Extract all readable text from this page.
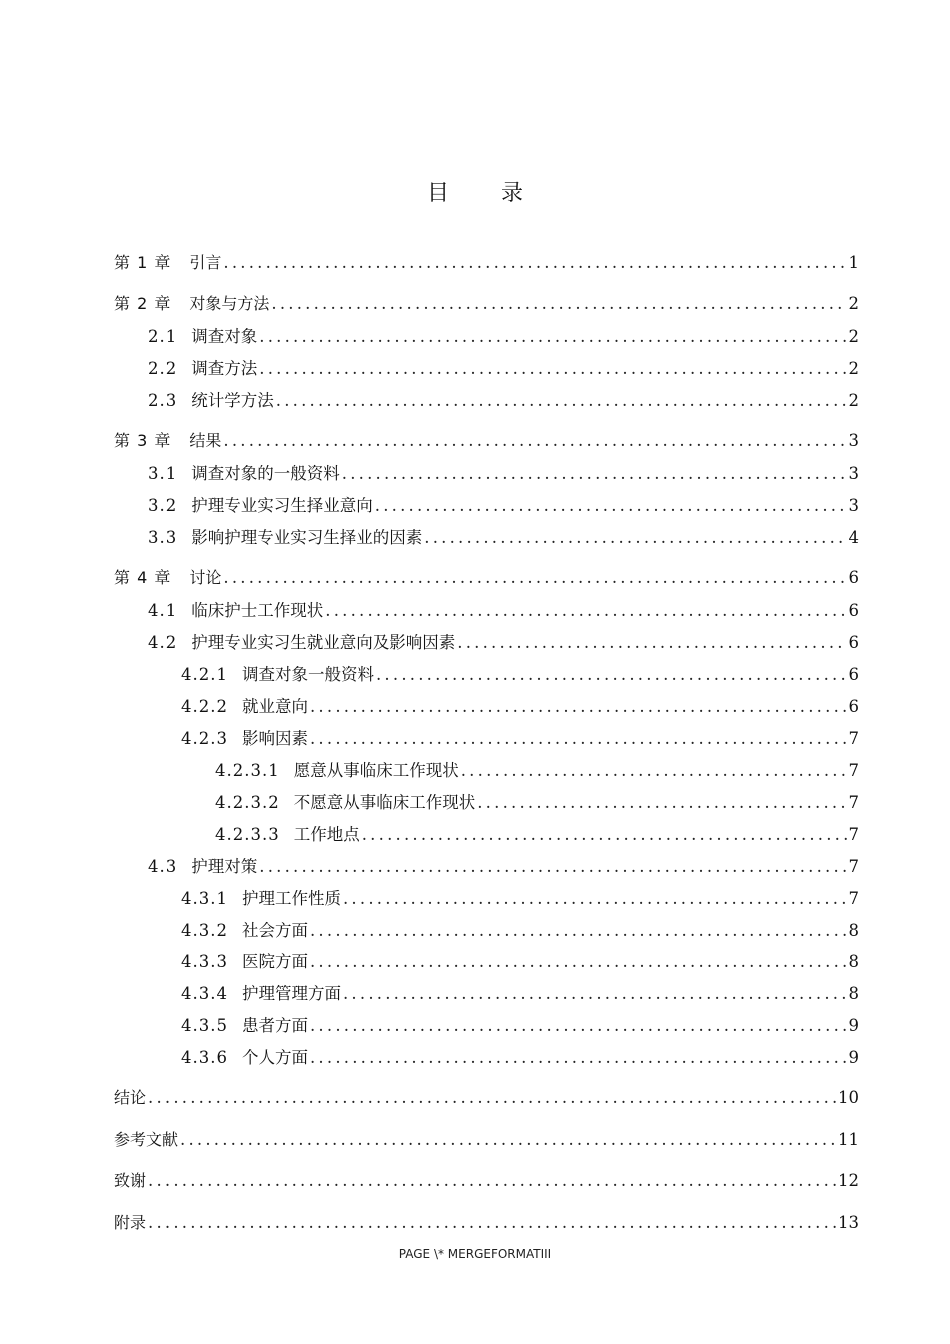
目 录
第 1 章 引言 .....	1
第 2 章 对象与方法 .....	2
2.1 调查对象 .....	2
2.2 调查方法 .....	2
2.3 统计学方法 .....	2
第 3 章 结果 .....	3
3.1 调查对象的一般资料 .....	3
3.2 护理专业实习生择业意向 .....	3
3.3 影响护理专业实习生择业的因素 .....	4
第 4 章 讨论 .....	6
4.1 临床护士工作现状 .....	6
4.2 护理专业实习生就业意向及影响因素 .....	6
4.2.1 调查对象一般资料 .....	6
4.2.2 就业意向 .....	6
4.2.3 影响因素 .....	7
4.2.3.1 愿意从事临床工作现状 .....	7
4.2.3.2 不愿意从事临床工作现状 .....	7
4.2.3.3 工作地点 .....	7
4.3 护理对策 .....	7
4.3.1 护理工作性质 .....	7
4.3.2 社会方面 .....	8
4.3.3 医院方面 .....	8
4.3.4 护理管理方面 .....	8
4.3.5 患者方面 .....	9
4.3.6 个人方面 .....	9
结论 .....	10
参考文献 .....	11
致谢 .....	12
附录 .....	13
PAGE \* MERGEFORMATIII
